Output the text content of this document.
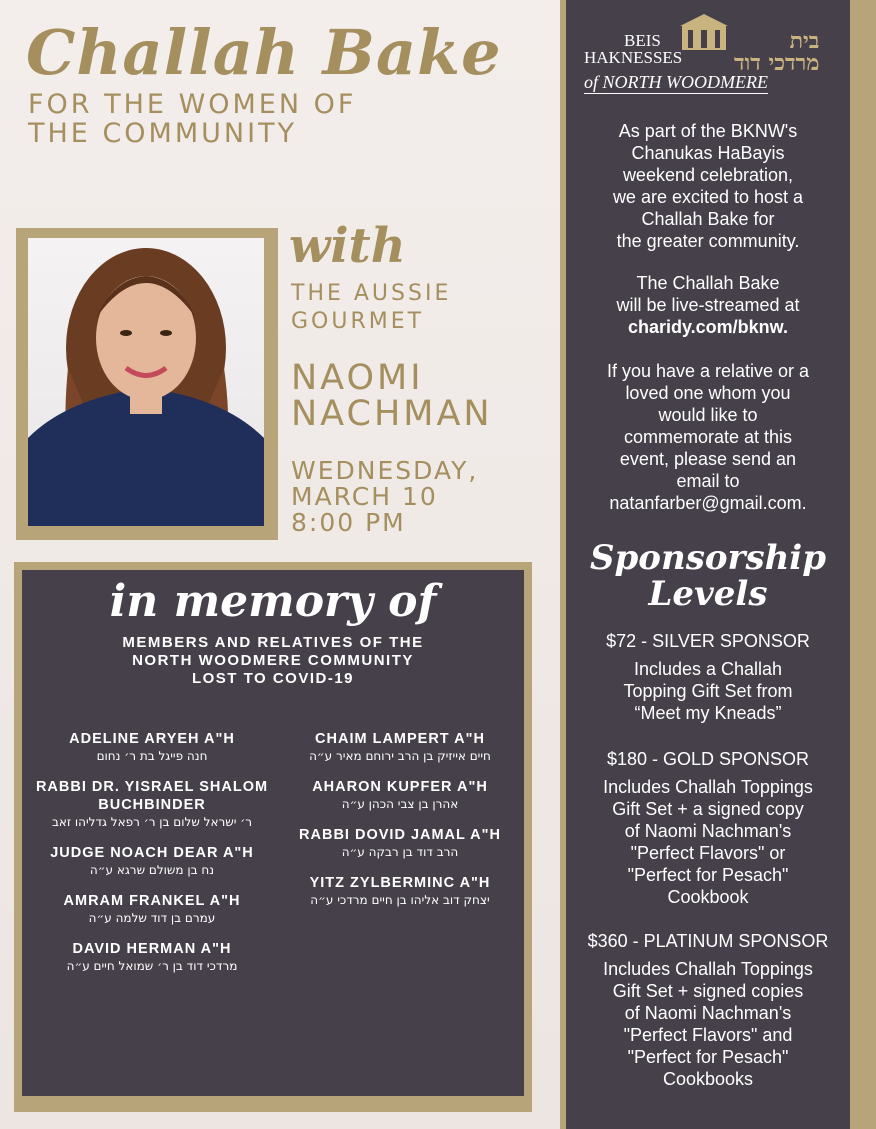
Challah Bake
FOR THE WOMEN OF
THE COMMUNITY
with
THE AUSSIE
GOURMET
NAOMI
NACHMAN
WEDNESDAY,
MARCH 10
8:00 PM
in memory of
MEMBERS AND RELATIVES OF THE
NORTH WOODMERE COMMUNITY
LOST TO COVID-19
ADELINE ARYEH A"H
חנה פייגל בת ר׳ נחום
RABBI DR. YISRAEL SHALOM BUCHBINDER
ר׳ ישראל שלום בן ר׳ רפאל גדליהו זאב
JUDGE NOACH DEAR A"H
נח בן משולם שרגא ע״ה
AMRAM FRANKEL A"H
עמרם בן דוד שלמה ע״ה
DAVID HERMAN A"H
מרדכי דוד בן ר׳ שמואל חיים ע״ה
CHAIM LAMPERT A"H
חיים אייזיק בן הרב ירוחם מאיר ע״ה
AHARON KUPFER A"H
אהרן בן צבי הכהן ע״ה
RABBI DOVID JAMAL A"H
הרב דוד בן רבקה ע״ה
YITZ ZYLBERMINC A"H
יצחק דוב אליהו בן חיים מרדכי ע״ה
BEIS
HAKNESSES
בית
מרדכי דוד
of NORTH WOODMERE
As part of the BKNW's
Chanukas HaBayis
weekend celebration,
we are excited to host a
Challah Bake for
the greater community.
The Challah Bake
will be live-streamed at
charidy.com/bknw.
If you have a relative or a
loved one whom you
would like to
commemorate at this
event, please send an
email to
natanfarber@gmail.com.
Sponsorship
Levels
$72 - SILVER SPONSOR
Includes a Challah
Topping Gift Set from
“Meet my Kneads”
$180 - GOLD SPONSOR
Includes Challah Toppings
Gift Set + a signed copy
of Naomi Nachman's
"Perfect Flavors" or
"Perfect for Pesach"
Cookbook
$360 - PLATINUM SPONSOR
Includes Challah Toppings
Gift Set + signed copies
of Naomi Nachman's
"Perfect Flavors" and
"Perfect for Pesach"
Cookbooks
